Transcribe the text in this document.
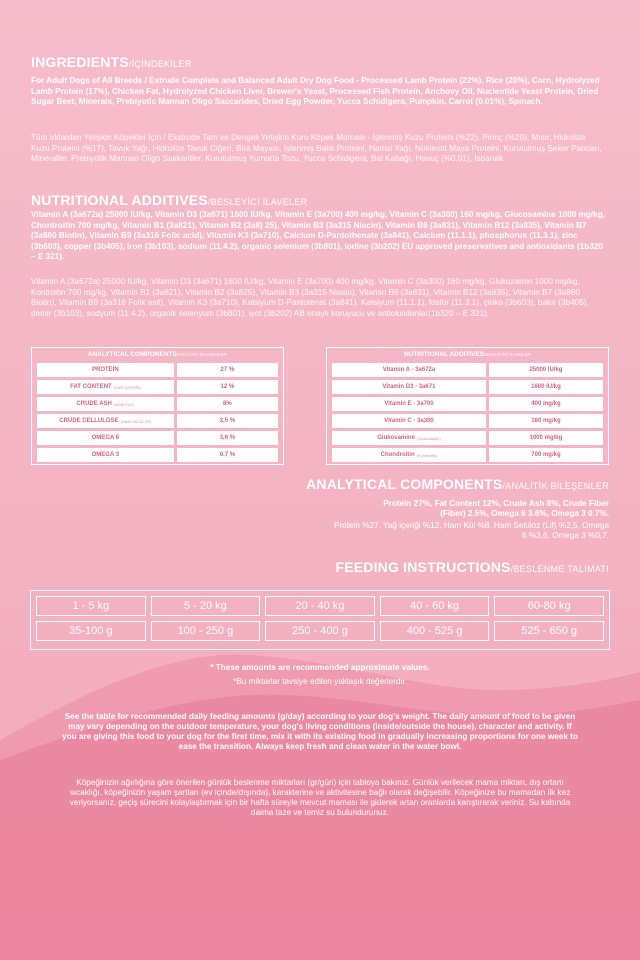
INGREDIENTS/İÇİNDEKİLER
For Adult Dogs of All Breeds / Extrude Complete and Balanced Adult Dry Dog Food - Processed Lamb Protein (22%), Rice (20%), Corn, Hydrolyzed Lamb Protein (17%), Chicken Fat, Hydrolyzed Chicken Liver, Brewer's Yeast, Processed Fish Protein, Anchovy Oil, Nucleotide Yeast Protein, Dried Sugar Beet, Minerals, Prebiyotic Mannan Oligo Saccarides, Dried Egg Powder, Yucca Schidigera, Pumpkin, Carrot (0.01%), Spinach.
Tüm ırklardan Yetişkin Köpekler İçin / Ekstrude Tam ve Dengeli Yetişkin Kuru Köpek Maması - İşlenmiş Kuzu Proteini (%22), Pirinç (%20), Mısır, Hidrolize Kuzu Proteini (%17), Tavuk Yağı, Hidrolize Tavuk Ciğeri, Bira Mayası, İşlenmiş Balık Proteini, Hamsi Yağı, Nükleotit Maya Proteini, Kurutulmuş Şeker Pancarı, Mineraller, Prebiyotik Mannan Oligo Sakkaritler, Kurutulmuş Yumurta Tozu, Yucca Schidigera, Bal Kabağı, Havuç (%0,01), Ispanak.
NUTRITIONAL ADDITIVES/BESLEYİCİ İLAVELER
Vitamin A (3a672a) 25000 IU/kg, Vitamin D3 (3a671) 1600 IU/kg, Vitamin E (3a700) 400 mg/kg, Vitamin C (3a300) 160 mg/kg, Glucosamine 1000 mg/kg, Chontroitin 700 mg/kg, Vitamin B1 (3a821), Vitamin B2 (3a8) 25), Vitamin B3 (3a315 Niacin), Vitamin B6 (3a831), Vitamin B12 (3a835), Vitamin B7 (3a880 Biotin), Vitamin B9 (3a316 Folic acid), Vitamin K3 (3a710), Calcium D-Pantothenate (3a841), Calcium (11.1.1), phosphorus (11.3.1), zinc (3b603), copper (3b405), iron (3b103), sodium (11.4.2), organic selenium (3b801), iodine (3b202) EU approved preservatives and antioxidants (1b320 – E 321).
Vitamin A (3a672a) 25000 IU/kg, Vitamin D3 (3a671) 1600 IU/kg, Vitamin E (3a700) 400 mg/kg, Vitamin C (3a300) 160 mg/kg, Glukozamin 1000 mg/kg, Kontroitin 700 mg/kg, Vitamin B1 (3a821), Vitamin B2 (3a825), Vitamin B3 (3a315 Niasin), Vitamin B6 (3a831), Vitamin B12 (3a835), Vitamin B7 (3a880 Biotin), Vitamin B9 (3a316 Folik asit), Vitamin K3 (3a710), Kalsiyum D-Pantotenat (3a841), Kalsiyum (11.1.1), fosfor (11.3.1), çinko (3b603), bakır (3b405), demir (3b103), sodyum (11.4.2), organik selenyum (3b801), iyot (3b202) AB onaylı koruyucu ve antioksidanlar(1b320 – E 321).
ANALYTICAL COMPONENTS /ANALİTİK BİLEŞENLER
PROTEIN	27 %
FAT CONTENT (YAĞ İÇERİĞİ)	12 %
CRUDE ASH (HAM KÜL)	8%
CRUDE CELLULOSE (HAM SELÜLOZ)	2,5 %
OMEGA 6	3,6 %
OMEGA 3	0.7 %
NUTRITIONAL ADDITIVES /BESLEYİCİ İLAVELER
Vitamin A - 3a672a	25000 IU/kg
Vitamin D3 - 3a671	1600 IU/kg
Vitamin E - 3a700	400 mg/kg
Vitamin C - 3a300	160 mg/kg
Glukosamine (Glukozamin)	1000 mg/kg
Chondroitin (Kondroitin)	700 mg/kg
ANALYTICAL COMPONENTS/ANALİTİK BİLEŞENLER
Protein 27%, Fat Content 12%, Crude Ash 8%, Crude Fiber (Fiber) 2.5%, Omega 6 3.6%, Omega 3 0.7%.
Protein %27, Yağ içeriği %12, Ham Kül %8, Ham Selüloz (Lif) %2,5, Omega 6 %3,6, Omega 3 %0,7.
FEEDING INSTRUCTIONS/BESLENME TALİMATI
1 - 5 kg	5 - 20 kg	20 - 40 kg	40 - 60 kg	60-80 kg
35-100 g	100 - 250 g	250 - 400 g	400 - 525 g	525 - 650 g
* These amounts are recommended approximate values.
*Bu miktarlar tavsiye edilen yaklaşık değerlerdir.
See the table for recommended daily feeding amounts (g/day) according to your dog's weight. The daily amount of food to be given may vary depending on the outdoor temperature, your dog's living conditions (inside/outside the house), character and activity. If you are giving this food to your dog for the first time, mix it with its existing food in gradually increasing proportions for one week to ease the transition. Always keep fresh and clean water in the water bowl.
Köpeğinizin ağırlığına göre önerilen günlük beslenme miktarları (gr/gün) için tabloya bakınız. Günlük verilecek mama miktarı, dış ortam sıcaklığı, köpeğinizin yaşam şartları (ev içinde/dışında), karakterine ve aktivitesine bağlı olarak değişebilir. Köpeğinize bu mamadan ilk kez veriyorsanız, geçiş sürecini kolaylaştırmak için bir hafta süreyle mevcut maması ile giderek artan oranlarda karıştırarak veriniz. Su kabında daima taze ve temiz su bulundurunuz.
